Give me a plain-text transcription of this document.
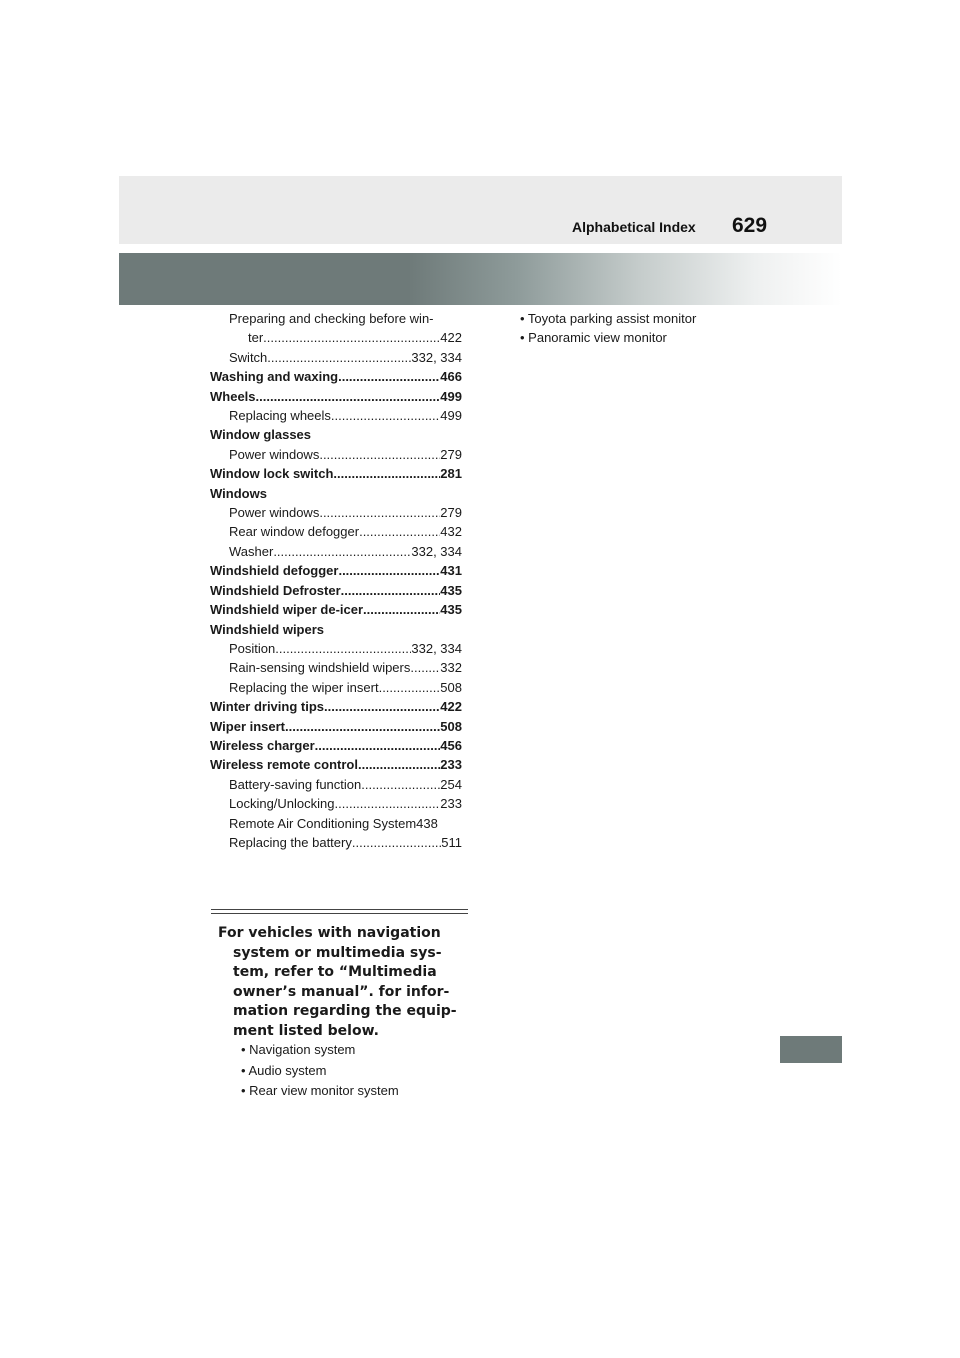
Alphabetical Index 629
Preparing and checking before win-
ter .....	422
Switch .....	332, 334
Washing and waxing .....	466
Wheels .....	499
Replacing wheels .....	499
Window glasses
Power windows .....	279
Window lock switch .....	281
Windows
Power windows .....	279
Rear window defogger .....	432
Washer .....	332, 334
Windshield defogger .....	431
Windshield Defroster .....	435
Windshield wiper de-icer .....	435
Windshield wipers
Position .....	332, 334
Rain-sensing windshield wipers ..... 332
Replacing the wiper insert .....	508
Winter driving tips .....	422
Wiper insert .....	508
Wireless charger .....	456
Wireless remote control .....	233
Battery-saving function .....	254
Locking/Unlocking .....	233
Remote Air Conditioning System 438
Replacing the battery .....	511
• Toyota parking assist monitor
• Panoramic view monitor
For vehicles with navigation
system or multimedia sys-
tem, refer to “Multimedia
owner’s manual”. for infor-
mation regarding the equip-
ment listed below.
• Navigation system
• Audio system
• Rear view monitor system
